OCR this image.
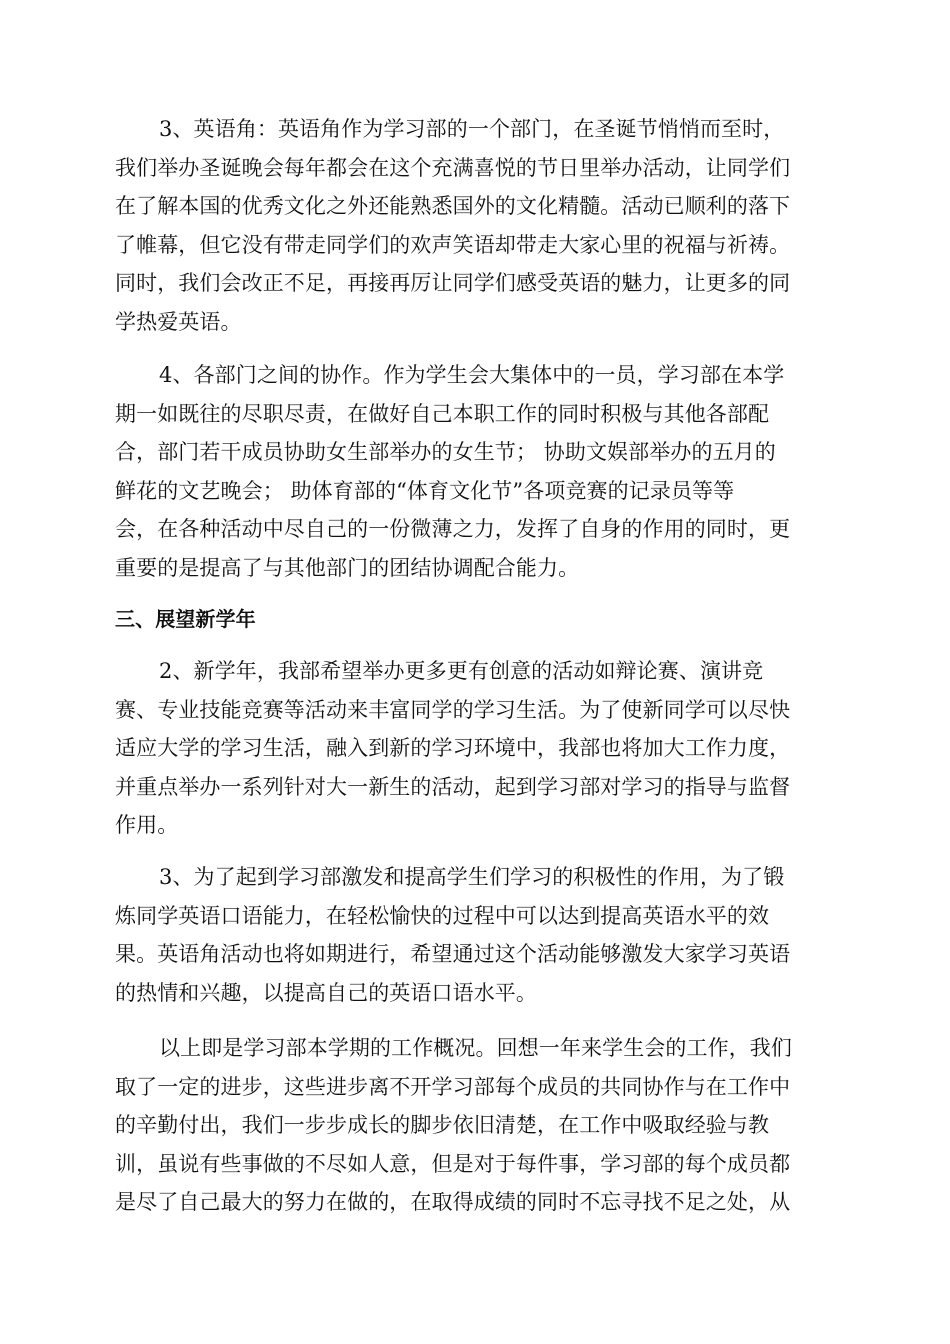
3、英语角：英语角作为学习部的一个部门，在圣诞节悄悄而至时，
我们举办圣诞晚会每年都会在这个充满喜悦的节日里举办活动，让同学们
在了解本国的优秀文化之外还能熟悉国外的文化精髓。活动已顺利的落下
了帷幕，但它没有带走同学们的欢声笑语却带走大家心里的祝福与祈祷。
同时，我们会改正不足，再接再厉让同学们感受英语的魅力，让更多的同
学热爱英语。
4、各部门之间的协作。作为学生会大集体中的一员，学习部在本学
期一如既往的尽职尽责，在做好自己本职工作的同时积极与其他各部配
合，部门若干成员协助女生部举办的女生节； 协助文娱部举办的五月的
鲜花的文艺晚会； 助体育部的“体育文化节”各项竞赛的记录员等等
会，在各种活动中尽自己的一份微薄之力，发挥了自身的作用的同时，更
重要的是提高了与其他部门的团结协调配合能力。
三、展望新学年
2、新学年，我部希望举办更多更有创意的活动如辩论赛、演讲竞
赛、专业技能竞赛等活动来丰富同学的学习生活。为了使新同学可以尽快
适应大学的学习生活，融入到新的学习环境中，我部也将加大工作力度，
并重点举办一系列针对大一新生的活动，起到学习部对学习的指导与监督
作用。
3、为了起到学习部激发和提高学生们学习的积极性的作用，为了锻
炼同学英语口语能力，在轻松愉快的过程中可以达到提高英语水平的效
果。英语角活动也将如期进行，希望通过这个活动能够激发大家学习英语
的热情和兴趣，以提高自己的英语口语水平。
以上即是学习部本学期的工作概况。回想一年来学生会的工作，我们
取了一定的进步，这些进步离不开学习部每个成员的共同协作与在工作中
的辛勤付出，我们一步步成长的脚步依旧清楚，在工作中吸取经验与教
训，虽说有些事做的不尽如人意，但是对于每件事，学习部的每个成员都
是尽了自己最大的努力在做的，在取得成绩的同时不忘寻找不足之处，从
